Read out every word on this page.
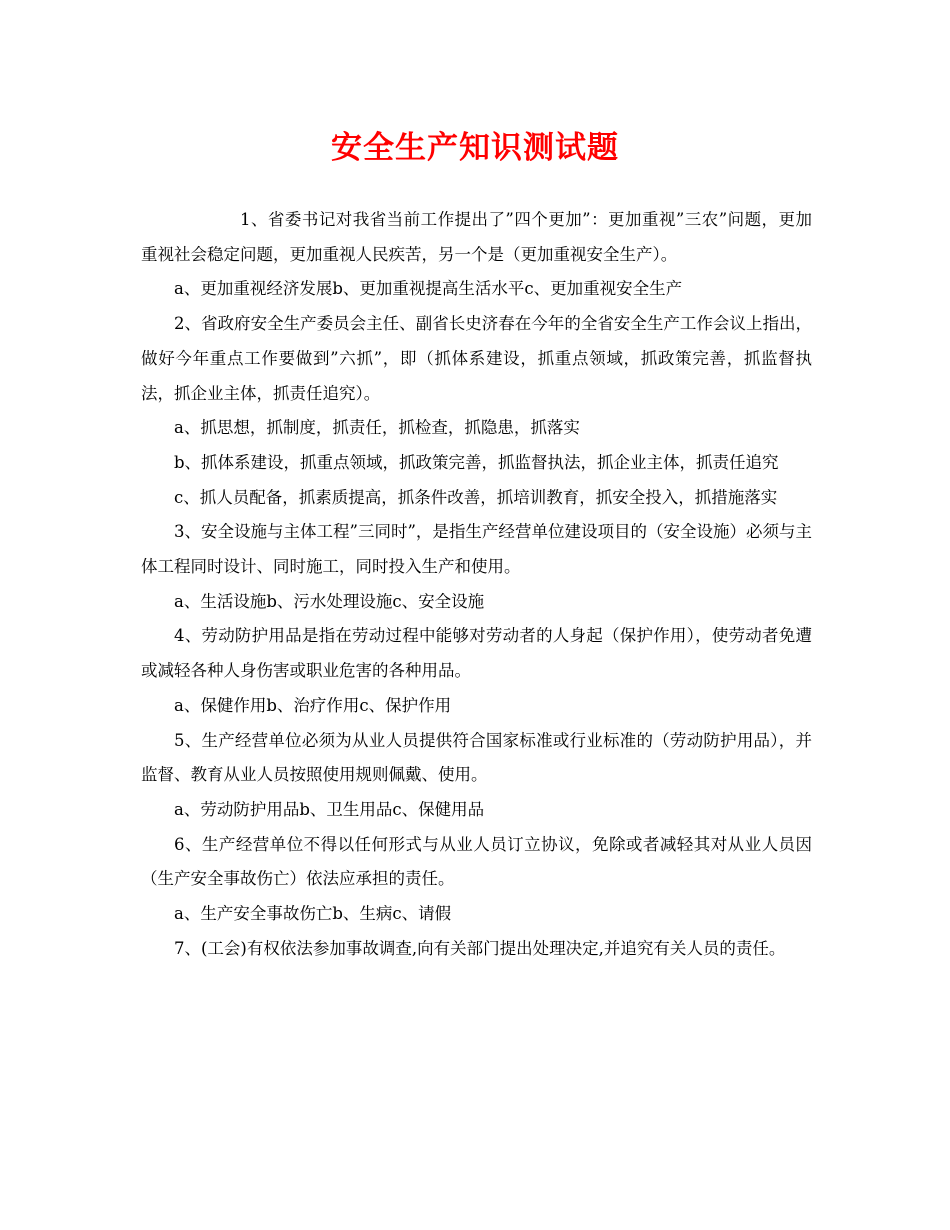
安全生产知识测试题

1、省委书记对我省当前工作提出了”四个更加”：更加重视”三农”问题，更加重视社会稳定问题，更加重视人民疾苦，另一个是（更加重视安全生产）。

a、更加重视经济发展b、更加重视提高生活水平c、更加重视安全生产

2、省政府安全生产委员会主任、副省长史济春在今年的全省安全生产工作会议上指出，做好今年重点工作要做到”六抓”，即（抓体系建设，抓重点领域，抓政策完善，抓监督执法，抓企业主体，抓责任追究）。

a、抓思想，抓制度，抓责任，抓检查，抓隐患，抓落实

b、抓体系建设，抓重点领域，抓政策完善，抓监督执法，抓企业主体，抓责任追究

c、抓人员配备，抓素质提高，抓条件改善，抓培训教育，抓安全投入，抓措施落实

3、安全设施与主体工程”三同时”，是指生产经营单位建设项目的（安全设施）必须与主体工程同时设计、同时施工，同时投入生产和使用。

a、生活设施b、污水处理设施c、安全设施

4、劳动防护用品是指在劳动过程中能够对劳动者的人身起（保护作用），使劳动者免遭或减轻各种人身伤害或职业危害的各种用品。

a、保健作用b、治疗作用c、保护作用

5、生产经营单位必须为从业人员提供符合国家标准或行业标准的（劳动防护用品），并监督、教育从业人员按照使用规则佩戴、使用。

a、劳动防护用品b、卫生用品c、保健用品

6、生产经营单位不得以任何形式与从业人员订立协议，免除或者减轻其对从业人员因（生产安全事故伤亡）依法应承担的责任。

a、生产安全事故伤亡b、生病c、请假

7、(工会)有权依法参加事故调查,向有关部门提出处理决定,并追究有关人员的责任。
